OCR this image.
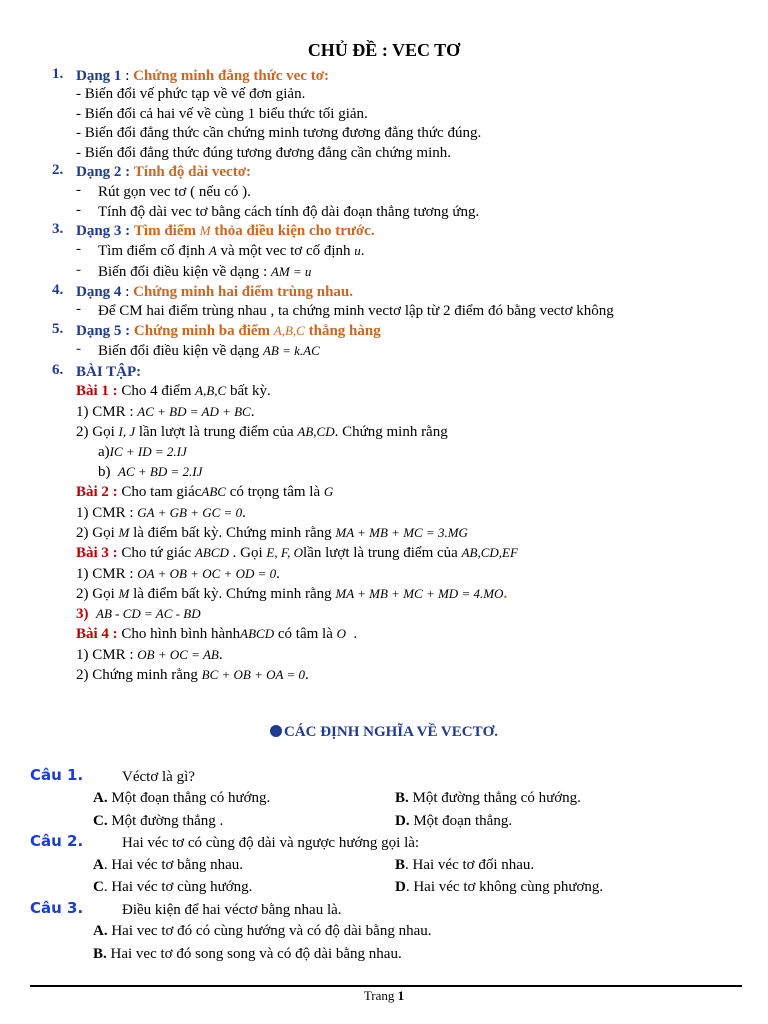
CHỦ ĐỀ : VEC TƠ
1. Dạng 1 : Chứng minh đẳng thức vec tơ:
- Biến đổi vế phức tạp về vế đơn giản.
- Biến đổi cả hai vế về cùng 1 biểu thức tối giản.
- Biến đổi đẳng thức cần chứng minh tương đương đẳng thức đúng.
- Biến đổi đẳng thức đúng tương đương đẳng cần chứng minh.
2. Dạng 2 : Tính độ dài vectơ:
- Rút gọn vec tơ ( nếu có ).
- Tính độ dài vec tơ bằng cách tính độ dài đoạn thẳng tương ứng.
3. Dạng 3 : Tìm điểm M thỏa điều kiện cho trước.
- Tìm điểm cố định A và một vec tơ cố định u.
- Biến đổi điều kiện về dạng : AM = u
4. Dạng 4 : Chứng minh hai điểm trùng nhau.
- Để CM hai điểm trùng nhau , ta chứng minh vectơ lập từ 2 điểm đó bằng vectơ không
5. Dạng 5 : Chứng minh ba điểm A,B,C thẳng hàng
- Biến đổi điều kiện về dạng AB = k.AC
6. BÀI TẬP:
Bài 1 : Cho 4 điểm A,B,C bất kỳ.
1) CMR : AC + BD = AD + BC.
2) Gọi I, J lần lượt là trung điểm của AB,CD. Chứng minh rằng
a)IC + ID = 2.IJ
b) AC + BD = 2.IJ
Bài 2 : Cho tam giácABC có trọng tâm là G
1) CMR : GA + GB + GC = 0.
2) Gọi M là điểm bất kỳ. Chứng minh rằng MA + MB + MC = 3.MG
Bài 3 : Cho tứ giác ABCD . Gọi E, F, Olần lượt là trung điểm của AB,CD,EF
1) CMR : OA + OB + OC + OD = 0.
2) Gọi M là điểm bất kỳ. Chứng minh rằng MA + MB + MC + MD = 4.MO.
3) AB - CD = AC - BD
Bài 4 : Cho hình bình hànhABCD có tâm là O .
1) CMR : OB + OC = AB.
2) Chứng minh rằng BC + OB + OA = 0.
CÁC ĐỊNH NGHĨA VỀ VECTƠ.
Câu 1.	Véctơ là gì?
A. Một đoạn thẳng có hướng.	B. Một đường thẳng có hướng.
C. Một đường thẳng .	D. Một đoạn thẳng.
Câu 2.	Hai véc tơ có cùng độ dài và ngược hướng gọi là:
A. Hai véc tơ bằng nhau.	B. Hai véc tơ đối nhau.
C. Hai véc tơ cùng hướng.	D. Hai véc tơ không cùng phương.
Câu 3.	Điều kiện để hai véctơ bằng nhau là.
A. Hai vec tơ đó có cùng hướng và có độ dài bằng nhau.
B. Hai vec tơ đó song song và có độ dài bằng nhau.
Trang 1
